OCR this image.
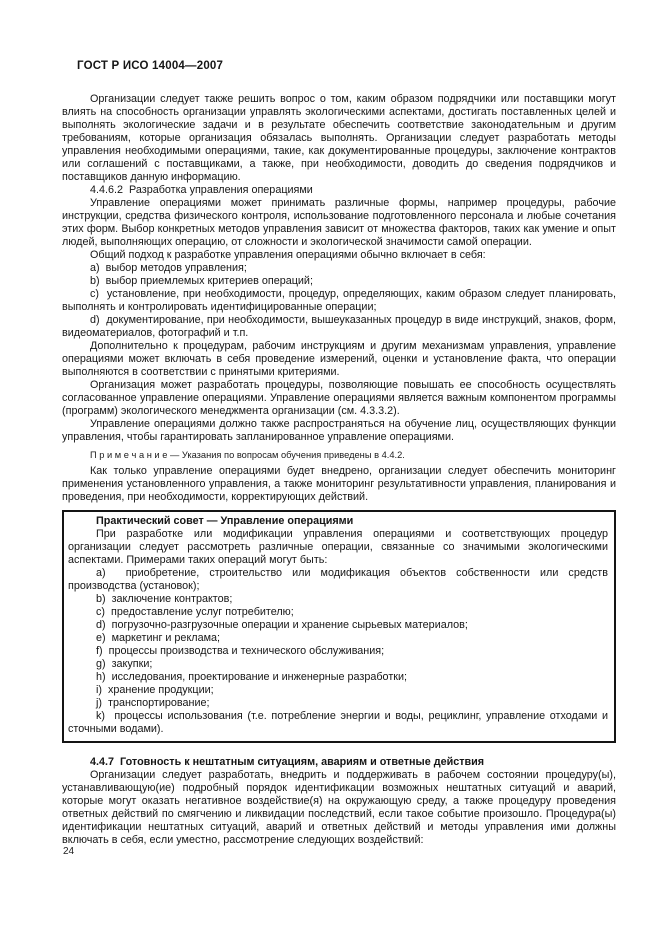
ГОСТ Р ИСО 14004—2007

Организации следует также решить вопрос о том, каким образом подрядчики или поставщики могут влиять на способность организации управлять экологическими аспектами, достигать поставленных целей и выполнять экологические задачи и в результате обеспечить соответствие законодательным и другим требованиям, которые организация обязалась выполнять. Организации следует разработать методы управления необходимыми операциями, такие, как документированные процедуры, заключение контрактов или соглашений с поставщиками, а также, при необходимости, доводить до сведения подрядчиков и поставщиков данную информацию.

4.4.6.2  Разработка управления операциями

Управление операциями может принимать различные формы, например процедуры, рабочие инструкции, средства физического контроля, использование подготовленного персонала и любые сочетания этих форм. Выбор конкретных методов управления зависит от множества факторов, таких как умение и опыт людей, выполняющих операцию, от сложности и экологической значимости самой операции.

Общий подход к разработке управления операциями обычно включает в себя:

a)  выбор методов управления;

b)  выбор приемлемых критериев операций;

c)  установление, при необходимости, процедур, определяющих, каким образом следует планировать, выполнять и контролировать идентифицированные операции;

d)  документирование, при необходимости, вышеуказанных процедур в виде инструкций, знаков, форм, видеоматериалов, фотографий и т.п.

Дополнительно к процедурам, рабочим инструкциям и другим механизмам управления, управление операциями может включать в себя проведение измерений, оценки и установление факта, что операции выполняются в соответствии с принятыми критериями.

Организация может разработать процедуры, позволяющие повышать ее способность осуществлять согласованное управление операциями. Управление операциями является важным компонентом программы (программ) экологического менеджмента организации (см. 4.3.3.2).

Управление операциями должно также распространяться на обучение лиц, осуществляющих функции управления, чтобы гарантировать запланированное управление операциями.

П р и м е ч а н и е — Указания по вопросам обучения приведены в 4.4.2.

Как только управление операциями будет внедрено, организации следует обеспечить мониторинг применения установленного управления, а также мониторинг результативности управления, планирования и проведения, при необходимости, корректирующих действий.

Практический совет — Управление операциями

При разработке или модификации управления операциями и соответствующих процедур организации следует рассмотреть различные операции, связанные со значимыми экологическими аспектами. Примерами таких операций могут быть:

a)  приобретение, строительство или модификация объектов собственности или средств производства (установок);

b)  заключение контрактов;

c)  предоставление услуг потребителю;

d)  погрузочно-разгрузочные операции и хранение сырьевых материалов;

e)  маркетинг и реклама;

f)  процессы производства и технического обслуживания;

g)  закупки;

h)  исследования, проектирование и инженерные разработки;

i)  хранение продукции;

j)  транспортирование;

k)  процессы использования (т.е. потребление энергии и воды, рециклинг, управление отходами и сточными водами).

4.4.7  Готовность к нештатным ситуациям, авариям и ответные действия

Организации следует разработать, внедрить и поддерживать в рабочем состоянии процедуру(ы), устанавливающую(ие) подробный порядок идентификации возможных нештатных ситуаций и аварий, которые могут оказать негативное воздействие(я) на окружающую среду, а также процедуру проведения ответных действий по смягчению и ликвидации последствий, если такое событие произошло. Процедура(ы) идентификации нештатных ситуаций, аварий и ответных действий и методы управления ими должны включать в себя, если уместно, рассмотрение следующих воздействий:

24
